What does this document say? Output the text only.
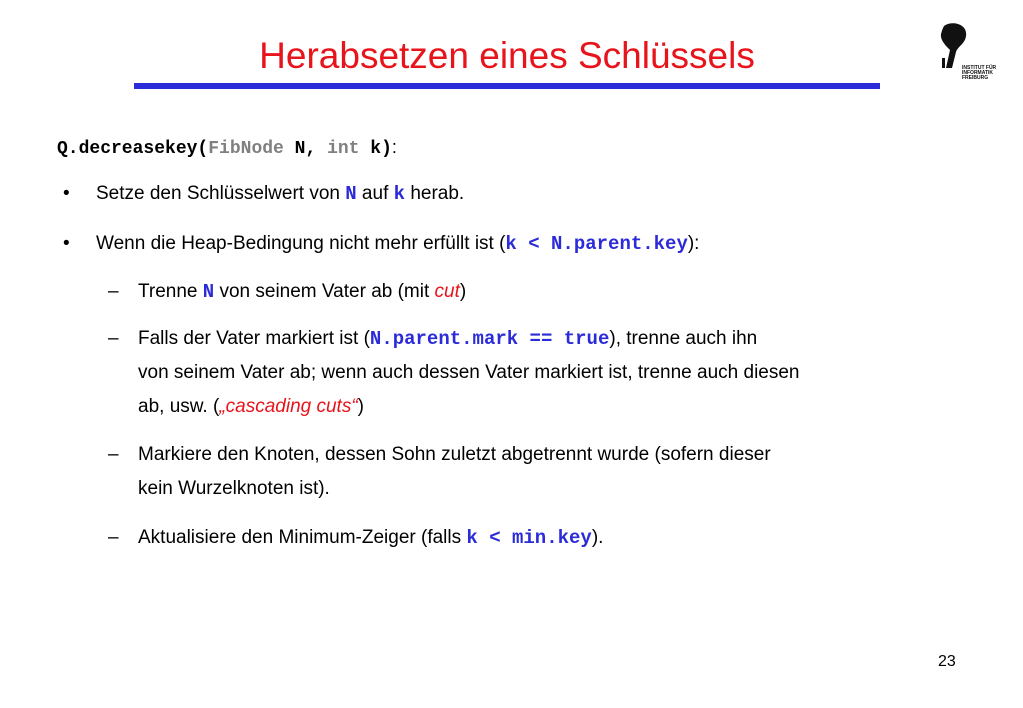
Herabsetzen eines Schlüssels	INSTITUT FÜR
INFORMATIK
FREIBURG
Q.decreasekey(FibNode N, int k):
• Setze den Schlüsselwert von N auf k herab.
• Wenn die Heap-Bedingung nicht mehr erfüllt ist (k < N.parent.key):
– Trenne N von seinem Vater ab (mit cut)
– Falls der Vater markiert ist (N.parent.mark == true), trenne auch ihn
von seinem Vater ab; wenn auch dessen Vater markiert ist, trenne auch diesen
ab, usw. („cascading cuts“)
– Markiere den Knoten, dessen Sohn zuletzt abgetrennt wurde (sofern dieser
kein Wurzelknoten ist).
– Aktualisiere den Minimum-Zeiger (falls k < min.key).
23
